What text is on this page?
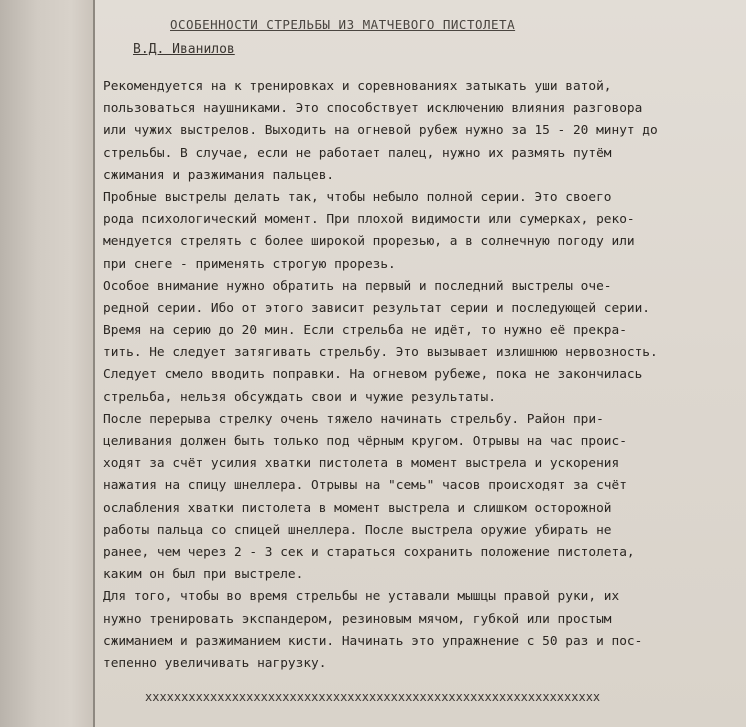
ОСОБЕННОСТИ СТРЕЛЬБЫ ИЗ МАТЧЕВОГО ПИСТОЛЕТА
В.Д. Иванилов
Рекомендуется на к тренировках и соревнованиях затыкать уши ватой,
пользоваться наушниками. Это способствует исключению влияния разговора
или чужих выстрелов. Выходить на огневой рубеж нужно за 15 - 20 минут до
стрельбы. В случае, если не работает палец, нужно их размять путём
сжимания и разжимания пальцев.
Пробные выстрелы делать так, чтобы небыло полной серии. Это своего
рода психологический момент. При плохой видимости или сумерках, реко-
мендуется стрелять с более широкой прорезью, а в солнечную погоду или
при снеге - применять строгую прорезь.
Особое внимание нужно обратить на первый и последний выстрелы оче-
редной серии. Ибо от этого зависит результат серии и последующей серии.
Время на серию до 20 мин. Если стрельба не идёт, то нужно её прекра-
тить. Не следует затягивать стрельбу. Это вызывает излишнюю нервозность.
Следует смело вводить поправки. На огневом рубеже, пока не закончилась
стрельба, нельзя обсуждать свои и чужие результаты.
После перерыва стрелку очень тяжело начинать стрельбу. Район при-
целивания должен быть только под чёрным кругом. Отрывы на час проис-
ходят за счёт усилия хватки пистолета в момент выстрела и ускорения
нажатия на спицу шнеллера. Отрывы на "семь" часов происходят за счёт
ослабления хватки пистолета в момент выстрела и слишком осторожной
работы пальца со спицей шнеллера. После выстрела оружие убирать не
ранее, чем через 2 - 3 сек и стараться сохранить положение пистолета,
каким он был при выстреле.
Для того, чтобы во время стрельбы не уставали мышцы правой руки, их
нужно тренировать экспандером, резиновым мячом, губкой или простым
сжиманием и разжиманием кисти. Начинать это упражнение с 50 раз и пос-
тепенно увеличивать нагрузку.
xxxxxxxxxxxxxxxxxxxxxxxxxxxxxxxxxxxxxxxxxxxxxxxxxxxxxxxxxxxxxxx
